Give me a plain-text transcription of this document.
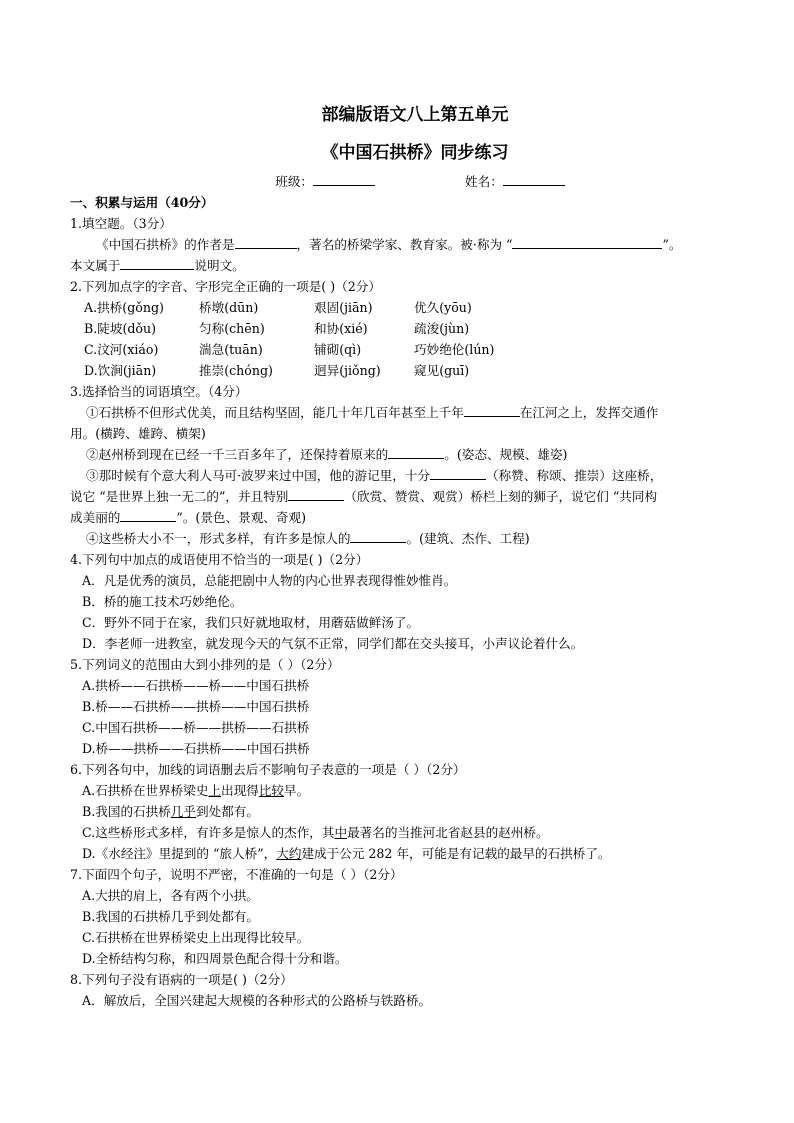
部编版语文八上第五单元
《中国石拱桥》同步练习
班级：	姓名：
一、积累与运用（40分）
1.填空题。（3分）
《中国石拱桥》的作者是	，著名的桥梁学家、教育家。被·称为 “	”。
本文属于	说明文。
2.下列加点字的字音、字形完全正确的一项是( )（2分）
A.拱桥(gǒng)	桥墩(dūn)	艰固(jiān)	优久(yōu)
B.陡坡(dǒu)	匀称(chēn)	和协(xié)	疏浚(jùn)
C.汶河(xiáo)	湍急(tuān)	铺砌(qì)	巧妙绝伦(lún)
D.饮涧(jiān)	推崇(chóng)	迥异(jiǒng)	窥见(guī)
3.选择恰当的词语填空。（4分）
①石拱桥不但形式优美，而且结构坚固，能几十年几百年甚至上千年	在江河之上，发挥交通作
用。(横跨、雄跨、横架)
②赵州桥到现在已经一千三百多年了，还保持着原来的	。(姿态、规模、雄姿)
③那时候有个意大利人马可·波罗来过中国，他的游记里，十分	（称赞、称颂、推崇）这座桥，
说它 “是世界上独一无二的”，并且特别	（欣赏、赞赏、观赏）桥栏上刻的狮子，说它们 “共同构
成美丽的	”。(景色、景观、奇观)
④这些桥大小不一，形式多样，有许多是惊人的	。(建筑、杰作、工程)
4.下列句中加点的成语使用不恰当的一项是( )（2分）
A．凡是优秀的演员，总能把剧中人物的内心世界表现得惟妙惟肖。
B．桥的施工技术巧妙绝伦。
C．野外不同于在家，我们只好就地取材，用蘑菇做鲜汤了。
D．李老师一进教室，就发现今天的气氛不正常，同学们都在交头接耳，小声议论着什么。
5.下列词义的范围由大到小排列的是（ ）（2分）
A.拱桥——石拱桥——桥——中国石拱桥
B.桥——石拱桥——拱桥——中国石拱桥
C.中国石拱桥——桥——拱桥——石拱桥
D.桥——拱桥——石拱桥——中国石拱桥
6.下列各句中，加线的词语删去后不影响句子表意的一项是（ ）（2分）
A.石拱桥在世界桥梁史上出现得比较早。
B.我国的石拱桥几乎到处都有。
C.这些桥形式多样，有许多是惊人的杰作，其中最著名的当推河北省赵县的赵州桥。
D.《水经注》里提到的 “旅人桥”，大约建成于公元 282 年，可能是有记载的最早的石拱桥了。
7.下面四个句子，说明不严密，不准确的一句是（ ）（2分）
A.大拱的肩上，各有两个小拱。
B.我国的石拱桥几乎到处都有。
C.石拱桥在世界桥梁史上出现得比较早。
D.全桥结构匀称，和四周景色配合得十分和谐。
8.下列句子没有语病的一项是( )（2分）
A．解放后，全国兴建起大规模的各种形式的公路桥与铁路桥。
